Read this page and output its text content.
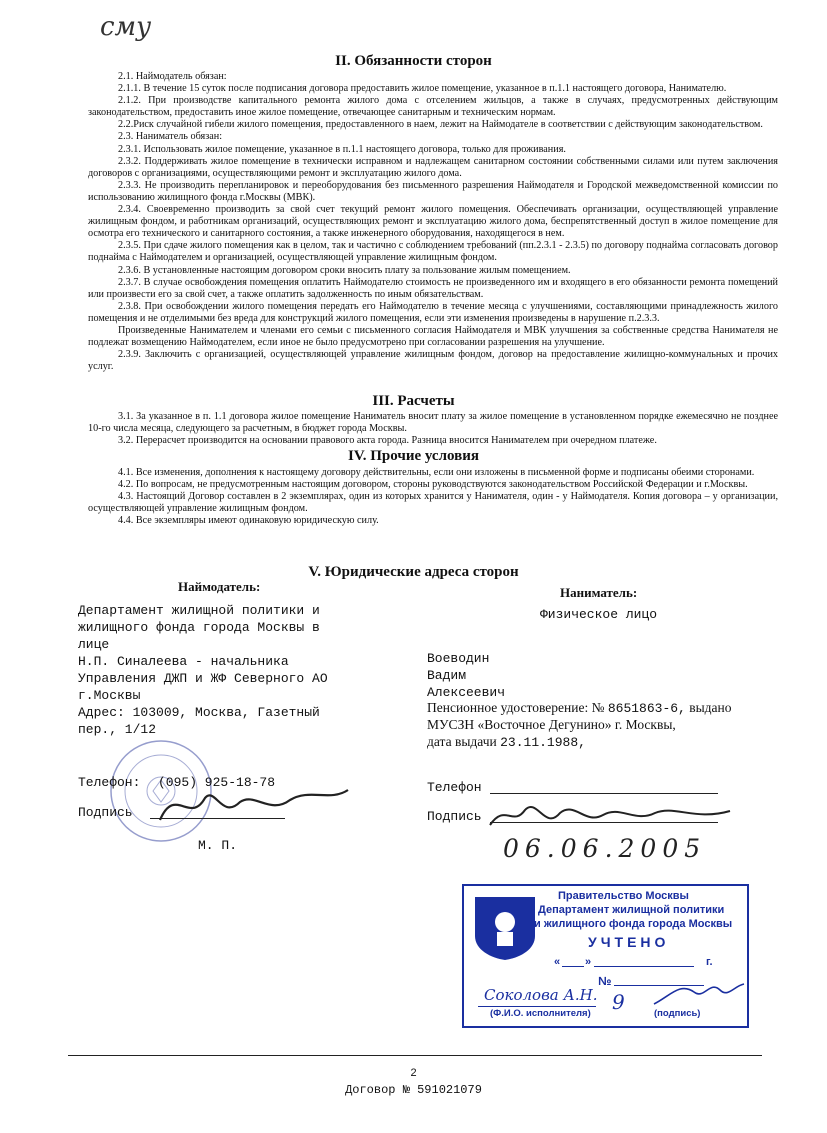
сму
II. Обязанности сторон

2.1. Наймодатель обязан:

2.1.1. В течение 15 суток после подписания договора предоставить жилое помещение, указанное в п.1.1 настоящего договора, Нанимателю.

2.1.2. При производстве капитального ремонта жилого дома с отселением жильцов, а также в случаях, предусмотренных действующим законодательством, предоставить иное жилое помещение, отвечающее санитарным и техническим нормам.

2.2.Риск случайной гибели жилого помещения, предоставленного в наем, лежит на Наймодателе в соответствии с действующим законодательством.

2.3. Наниматель обязан:

2.3.1. Использовать жилое помещение, указанное в п.1.1 настоящего договора, только для проживания.

2.3.2. Поддерживать жилое помещение в технически исправном и надлежащем санитарном состоянии собственными силами или путем заключения договоров с организациями, осуществляющими ремонт и эксплуатацию жилого дома.

2.3.3. Не производить перепланировок и переоборудования без письменного разрешения Наймодателя и Городской межведомственной комиссии по использованию жилищного фонда г.Москвы (МВК).

2.3.4. Своевременно производить за свой счет текущий ремонт жилого помещения. Обеспечивать организации, осуществляющей управление жилищным фондом, и работникам организаций, осуществляющих ремонт и эксплуатацию жилого дома, беспрепятственный доступ в жилое помещение для осмотра его технического и санитарного состояния, а также инженерного оборудования, находящегося в нем.

2.3.5. При сдаче жилого помещения как в целом, так и частично с соблюдением требований (пп.2.3.1 - 2.3.5) по договору поднайма согласовать договор поднайма с Наймодателем и организацией, осуществляющей управление жилищным фондом.

2.3.6. В установленные настоящим договором сроки вносить плату за пользование жилым помещением.

2.3.7. В случае освобождения помещения оплатить Наймодателю стоимость не произведенного им и входящего в его обязанности ремонта помещений или произвести его за свой счет, а также оплатить задолженность по иным обязательствам.

2.3.8. При освобождении жилого помещения передать его Наймодателю в течение месяца с улучшениями, составляющими принадлежность жилого помещения и не отделимыми без вреда для конструкций жилого помещения, если эти изменения произведены в нарушение п.2.3.3.

Произведенные Нанимателем и членами его семьи с письменного согласия Наймодателя и МВК улучшения за собственные средства Нанимателя не подлежат возмещению Наймодателем, если иное не было предусмотрено при согласовании разрешения на улучшение.

2.3.9. Заключить с организацией, осуществляющей управление жилищным фондом, договор на предоставление жилищно-коммунальных и прочих услуг.

III. Расчеты

3.1. За указанное в п. 1.1 договора жилое помещение Наниматель вносит плату за жилое помещение в установленном порядке ежемесячно не позднее 10-го числа месяца, следующего за расчетным, в бюджет города Москвы.

3.2. Перерасчет производится на основании правового акта города. Разница вносится Нанимателем при очередном платеже.

IV. Прочие условия

4.1. Все изменения, дополнения к настоящему договору действительны, если они изложены в письменной форме и подписаны обеими сторонами.

4.2. По вопросам, не предусмотренным настоящим договором, стороны руководствуются законодательством Российской Федерации и г.Москвы.

4.3. Настоящий Договор составлен в 2 экземплярах, один из которых хранится у Нанимателя, один - у Наймодателя. Копия договора – у организации, осуществляющей управление жилищным фондом.

4.4. Все экземпляры имеют одинаковую юридическую силу.

V. Юридические адреса сторон
Наймодатель:
Департамент жилищной политики и жилищного фонда города Москвы в лице
Н.П. Синалеева - начальника Управления ДЖП и ЖФ Северного АО г.Москвы
Адрес: 103009, Москва, Газетный пер., 1/12
Телефон: (095) 925-18-78
Подпись
М. П.
Наниматель:
Физическое лицо
Воеводин
Вадим
Алексеевич
Пенсионное удостоверение: № 8651863-6, выдано
МУСЗН «Восточное Дегунино» г. Москвы,
дата выдачи 23.11.1988,
Телефон
Подпись
06.06.2005
Правительство Москвы
Департамент жилищной политики
и жилищного фонда города Москвы
УЧТЕНО
« »	г.
№
Соколова А.Н. 9
(Ф.И.О. исполнителя)	(подпись)
2
Договор № 591021079
